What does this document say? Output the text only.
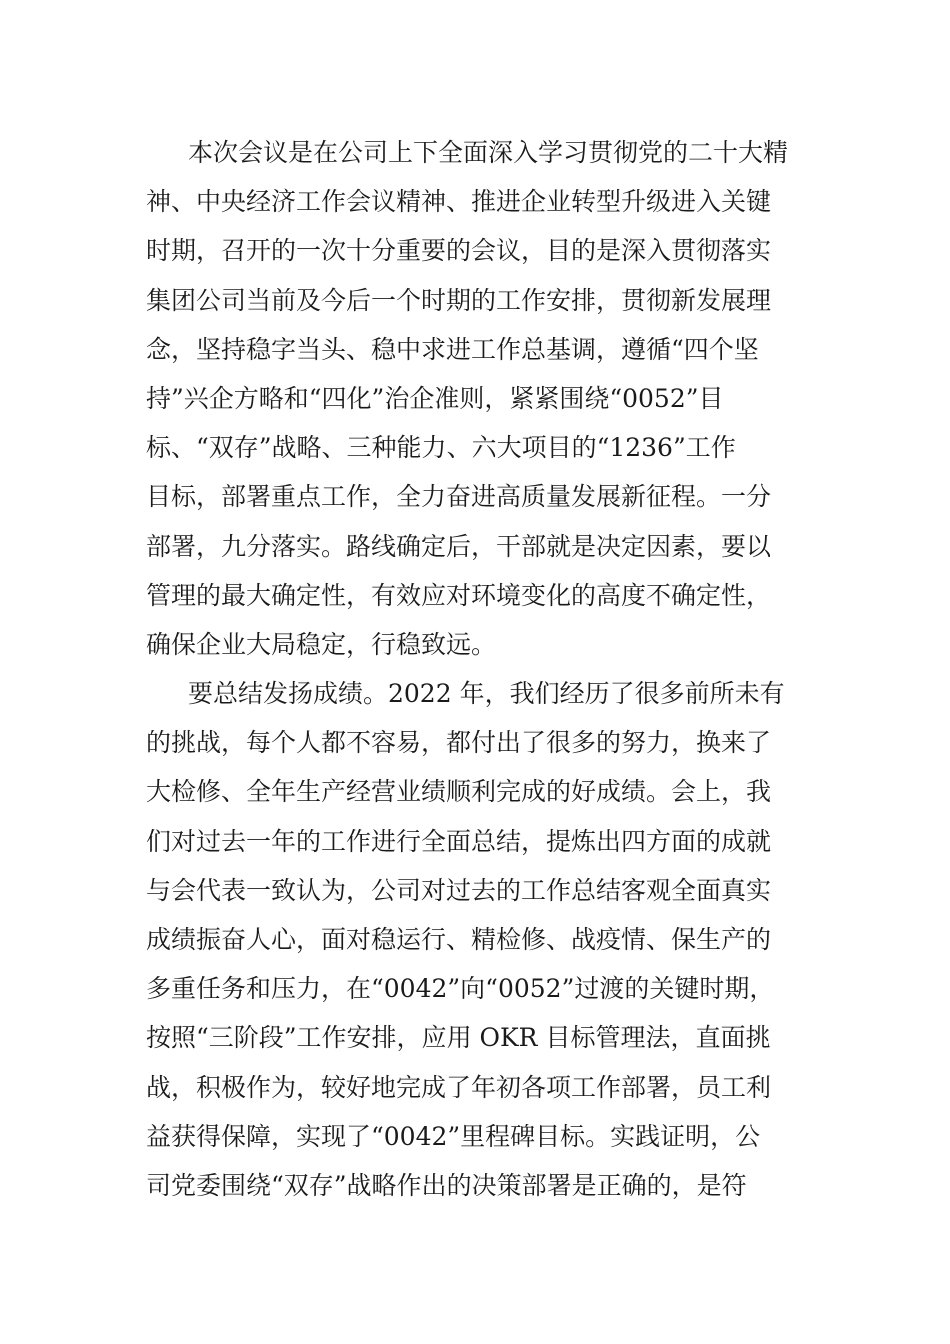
本次会议是在公司上下全面深入学习贯彻党的二十大精
神、中央经济工作会议精神、推进企业转型升级进入关键
时期，召开的一次十分重要的会议，目的是深入贯彻落实
集团公司当前及今后一个时期的工作安排，贯彻新发展理
念，坚持稳字当头、稳中求进工作总基调，遵循“四个坚
持”兴企方略和“四化”治企准则，紧紧围绕“0052”目
标、“双存”战略、三种能力、六大项目的“1236”工作
目标，部署重点工作，全力奋进高质量发展新征程。一分
部署，九分落实。路线确定后，干部就是决定因素，要以
管理的最大确定性，有效应对环境变化的高度不确定性，
确保企业大局稳定，行稳致远。
要总结发扬成绩。2022 年，我们经历了很多前所未有
的挑战，每个人都不容易，都付出了很多的努力，换来了
大检修、全年生产经营业绩顺利完成的好成绩。会上，我
们对过去一年的工作进行全面总结，提炼出四方面的成就
与会代表一致认为，公司对过去的工作总结客观全面真实
成绩振奋人心，面对稳运行、精检修、战疫情、保生产的
多重任务和压力，在“0042”向“0052”过渡的关键时期，
按照“三阶段”工作安排，应用 OKR 目标管理法，直面挑
战，积极作为，较好地完成了年初各项工作部署，员工利
益获得保障，实现了“0042”里程碑目标。实践证明，公
司党委围绕“双存”战略作出的决策部署是正确的，是符
